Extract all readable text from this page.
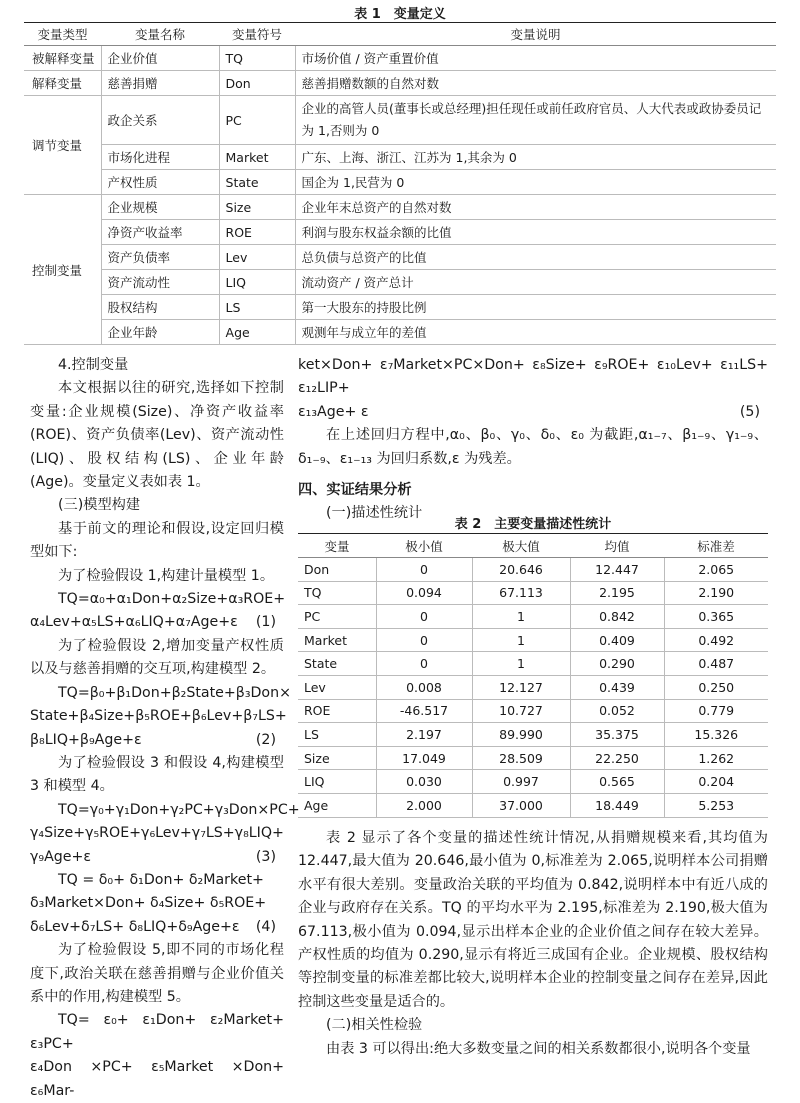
表 1　变量定义
变量类型	变量名称	变量符号	变量说明
被解释变量	企业价值	TQ	市场价值 / 资产重置价值
解释变量	慈善捐赠	Don	慈善捐赠数额的自然对数
调节变量	政企关系	PC	企业的高管人员(董事长或总经理)担任现任或前任政府官员、人大代表或政协委员记为 1,否则为 0
	市场化进程	Market	广东、上海、浙江、江苏为 1,其余为 0
	产权性质	State	国企为 1,民营为 0
控制变量	企业规模	Size	企业年末总资产的自然对数
	净资产收益率	ROE	利润与股东权益余额的比值
	资产负债率	Lev	总负债与总资产的比值
	资产流动性	LIQ	流动资产 / 资产总计
	股权结构	LS	第一大股东的持股比例
	企业年龄	Age	观测年与成立年的差值

4.控制变量

本文根据以往的研究,选择如下控制变量:企业规模(Size)、净资产收益率(ROE)、资产负债率(Lev)、资产流动性(LIQ)、股权结构(LS)、企业年龄(Age)。变量定义表如表 1。

(三)模型构建

基于前文的理论和假设,设定回归模型如下:

为了检验假设 1,构建计量模型 1。

TQ=α₀+α₁Don+α₂Size+α₃ROE+

α₄Lev+α₅LS+α₆LIQ+α₇Age+ε (1)

为了检验假设 2,增加变量产权性质以及与慈善捐赠的交互项,构建模型 2。

TQ=β₀+β₁Don+β₂State+β₃Don×

State+β₄Size+β₅ROE+β₆Lev+β₇LS+

β₈LIQ+β₉Age+ε	(2)

为了检验假设 3 和假设 4,构建模型 3 和模型 4。

TQ=γ₀+γ₁Don+γ₂PC+γ₃Don×PC+

γ₄Size+γ₅ROE+γ₆Lev+γ₇LS+γ₈LIQ+

γ₉Age+ε	(3)

TQ = δ₀+ δ₁Don+ δ₂Market+

δ₃Market×Don+ δ₄Size+ δ₅ROE+

δ₆Lev+δ₇LS+ δ₈LIQ+δ₉Age+ε (4)

为了检验假设 5,即不同的市场化程度下,政治关联在慈善捐赠与企业价值关系中的作用,构建模型 5。

TQ= ε₀+ ε₁Don+ ε₂Market+ ε₃PC+

ε₄Don ×PC+ ε₅Market ×Don+ ε₆Mar-

ket×Don+ ε₇Market×PC×Don+ ε₈Size+ ε₉ROE+ ε₁₀Lev+ ε₁₁LS+ ε₁₂LIP+

ε₁₃Age+ ε	(5)

在上述回归方程中,α₀、β₀、γ₀、δ₀、ε₀ 为截距,α₁₋₇、β₁₋₉、γ₁₋₉、δ₁₋₉、ε₁₋₁₃ 为回归系数,ε 为残差。

四、实证结果分析

(一)描述性统计

表 2　主要变量描述性统计
变量	极小值	极大值	均值	标准差
Don	0	20.646	12.447	2.065
TQ	0.094	67.113	2.195	2.190
PC	0	1	0.842	0.365
Market	0	1	0.409	0.492
State	0	1	0.290	0.487
Lev	0.008	12.127	0.439	0.250
ROE	-46.517	10.727	0.052	0.779
LS	2.197	89.990	35.375	15.326
Size	17.049	28.509	22.250	1.262
LIQ	0.030	0.997	0.565	0.204
Age	2.000	37.000	18.449	5.253

表 2 显示了各个变量的描述性统计情况,从捐赠规模来看,其均值为 12.447,最大值为 20.646,最小值为 0,标准差为 2.065,说明样本公司捐赠水平有很大差别。变量政治关联的平均值为 0.842,说明样本中有近八成的企业与政府存在关系。TQ 的平均水平为 2.195,标准差为 2.190,极大值为 67.113,极小值为 0.094,显示出样本企业的企业价值之间存在较大差异。产权性质的均值为 0.290,显示有将近三成国有企业。企业规模、股权结构等控制变量的标准差都比较大,说明样本企业的控制变量之间存在差异,因此控制这些变量是适合的。

(二)相关性检验

由表 3 可以得出:绝大多数变量之间的相关系数都很小,说明各个变量
